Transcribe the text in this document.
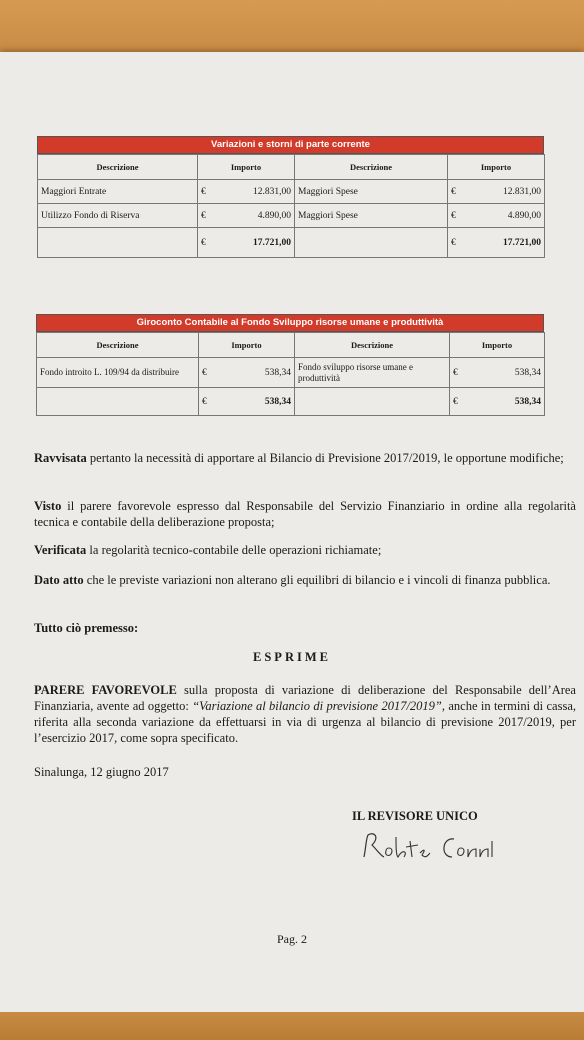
Variazioni e storni di parte corrente
Descrizione	Importo	Descrizione	Importo
Maggiori Entrate	€ 12.831,00	Maggiori Spese	€ 12.831,00

Utilizzo Fondo di Riserva	€ 4.890,00	Maggiori Spese	€ 4.890,00

	€ 17.721,00		€ 17.721,00
Giroconto Contabile al Fondo Sviluppo risorse umane e produttività
Descrizione	Importo	Descrizione	Importo
Fondo introito L. 109/94 da distribuire	€ 538,34	Fondo sviluppo risorse umane e produttività	€ 538,34

	€ 538,34		€ 538,34
Ravvisata pertanto la necessità di apportare al Bilancio di Previsione 2017/2019, le opportune modifiche;
Visto il parere favorevole espresso dal Responsabile del Servizio Finanziario in ordine alla regolarità tecnica e contabile della deliberazione proposta;
Verificata la regolarità tecnico-contabile delle operazioni richiamate;
Dato atto che le previste variazioni non alterano gli equilibri di bilancio e i vincoli di finanza pubblica.
Tutto ciò premesso:
ESPRIME
PARERE FAVOREVOLE sulla proposta di variazione di deliberazione del Responsabile dell’Area Finanziaria, avente ad oggetto: “Variazione al bilancio di previsione 2017/2019”, anche in termini di cassa, riferita alla seconda variazione da effettuarsi in via di urgenza al bilancio di previsione 2017/2019, per l’esercizio 2017, come sopra specificato.
Sinalunga, 12 giugno 2017
IL REVISORE UNICO
Pag. 2
